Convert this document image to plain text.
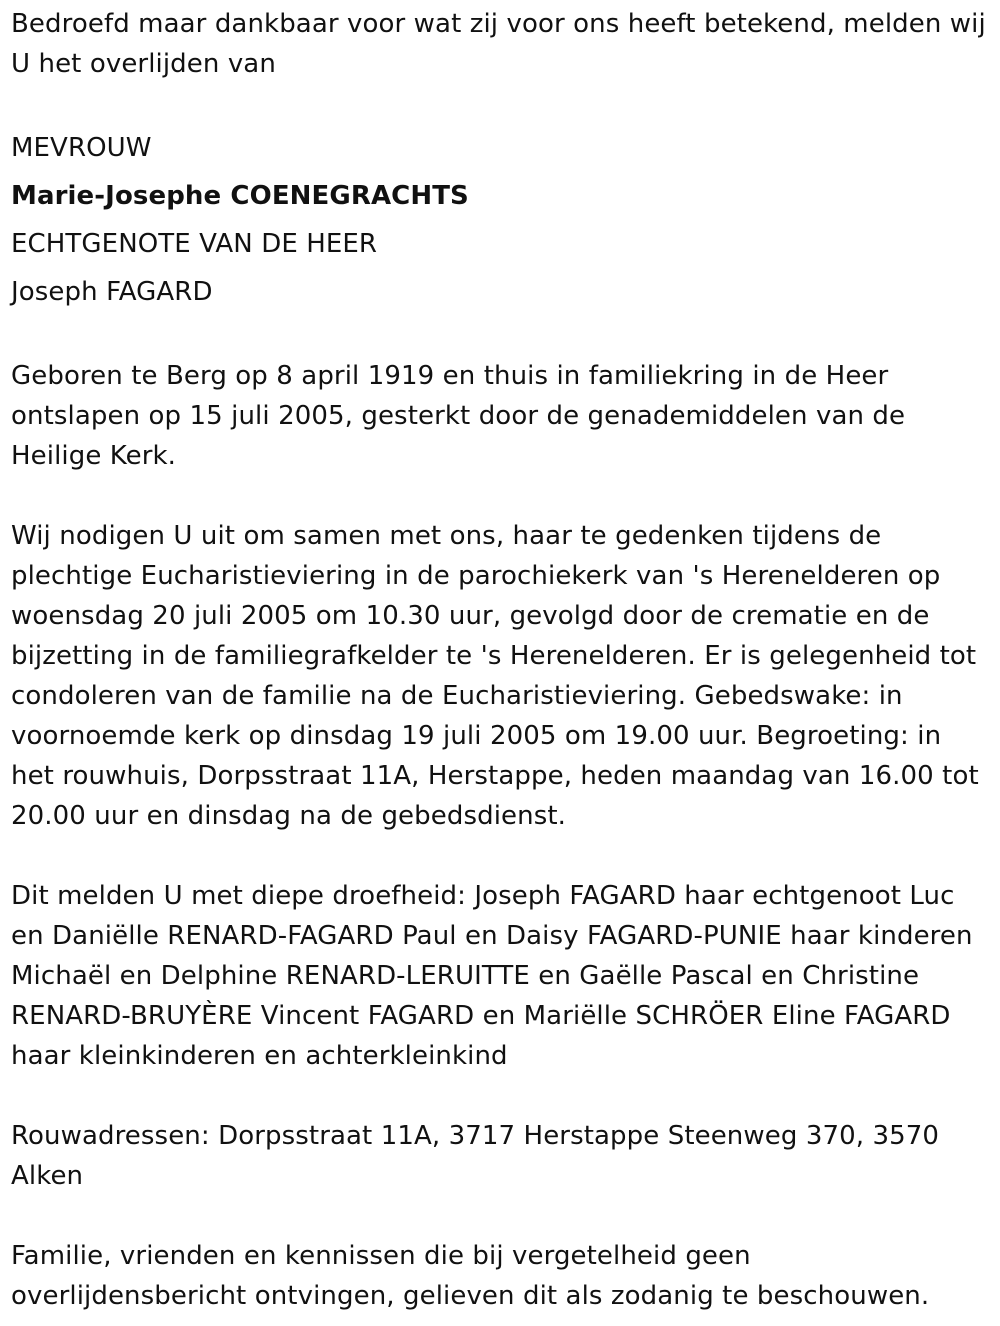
Bedroefd maar dankbaar voor wat zij voor ons heeft betekend, melden wij U het overlijden van

MEVROUW
Marie-Josephe COENEGRACHTS
ECHTGENOTE VAN DE HEER
Joseph FAGARD

Geboren te Berg op 8 april 1919 en thuis in familiekring in de Heer ontslapen op 15 juli 2005, gesterkt door de genademiddelen van de Heilige Kerk.

Wij nodigen U uit om samen met ons, haar te gedenken tijdens de plechtige Eucharistieviering in de parochiekerk van 's Herenelderen op woensdag 20 juli 2005 om 10.30 uur, gevolgd door de crematie en de bijzetting in de familiegrafkelder te 's Herenelderen. Er is gelegenheid tot condoleren van de familie na de Eucharistieviering. Gebedswake: in voornoemde kerk op dinsdag 19 juli 2005 om 19.00 uur. Begroeting: in het rouwhuis, Dorpsstraat 11A, Herstappe, heden maandag van 16.00 tot 20.00 uur en dinsdag na de gebedsdienst.

Dit melden U met diepe droefheid: Joseph FAGARD haar echtgenoot Luc en Daniëlle RENARD-FAGARD Paul en Daisy FAGARD-PUNIE haar kinderen Michaël en Delphine RENARD-LERUITTE en Gaëlle Pascal en Christine RENARD-BRUYÈRE Vincent FAGARD en Mariëlle SCHRÖER Eline FAGARD haar kleinkinderen en achterkleinkind

Rouwadressen: Dorpsstraat 11A, 3717 Herstappe Steenweg 370, 3570 Alken

Familie, vrienden en kennissen die bij vergetelheid geen overlijdensbericht ontvingen, gelieven dit als zodanig te beschouwen.
